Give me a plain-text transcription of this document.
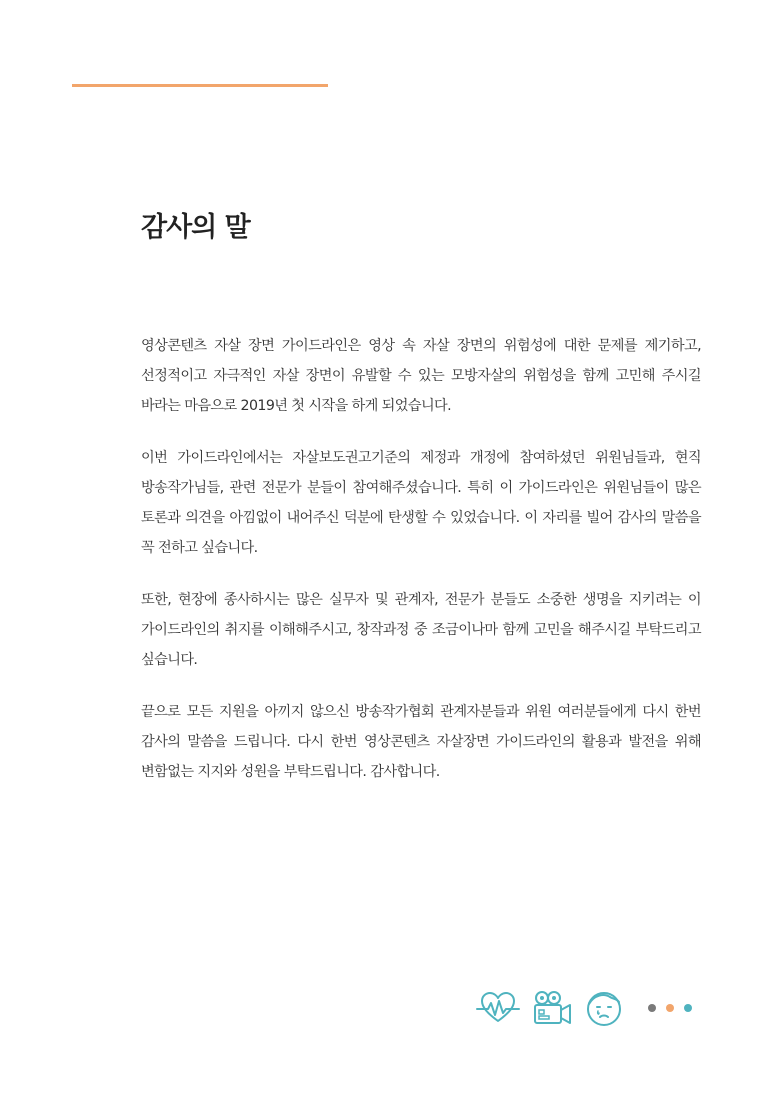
감사의 말

영상콘텐츠 자살 장면 가이드라인은 영상 속 자살 장면의 위험성에 대한 문제를 제기하고, 선정적이고 자극적인 자살 장면이 유발할 수 있는 모방자살의 위험성을 함께 고민해 주시길 바라는 마음으로 2019년 첫 시작을 하게 되었습니다.

이번 가이드라인에서는 자살보도권고기준의 제정과 개정에 참여하셨던 위원님들과, 현직 방송작가님들, 관련 전문가 분들이 참여해주셨습니다. 특히 이 가이드라인은 위원님들이 많은 토론과 의견을 아낌없이 내어주신 덕분에 탄생할 수 있었습니다. 이 자리를 빌어 감사의 말씀을 꼭 전하고 싶습니다.

또한, 현장에 종사하시는 많은 실무자 및 관계자, 전문가 분들도 소중한 생명을 지키려는 이 가이드라인의 취지를 이해해주시고, 창작과정 중 조금이나마 함께 고민을 해주시길 부탁드리고 싶습니다.

끝으로 모든 지원을 아끼지 않으신 방송작가협회 관계자분들과 위원 여러분들에게 다시 한번 감사의 말씀을 드립니다. 다시 한번 영상콘텐츠 자살장면 가이드라인의 활용과 발전을 위해 변함없는 지지와 성원을 부탁드립니다. 감사합니다.
